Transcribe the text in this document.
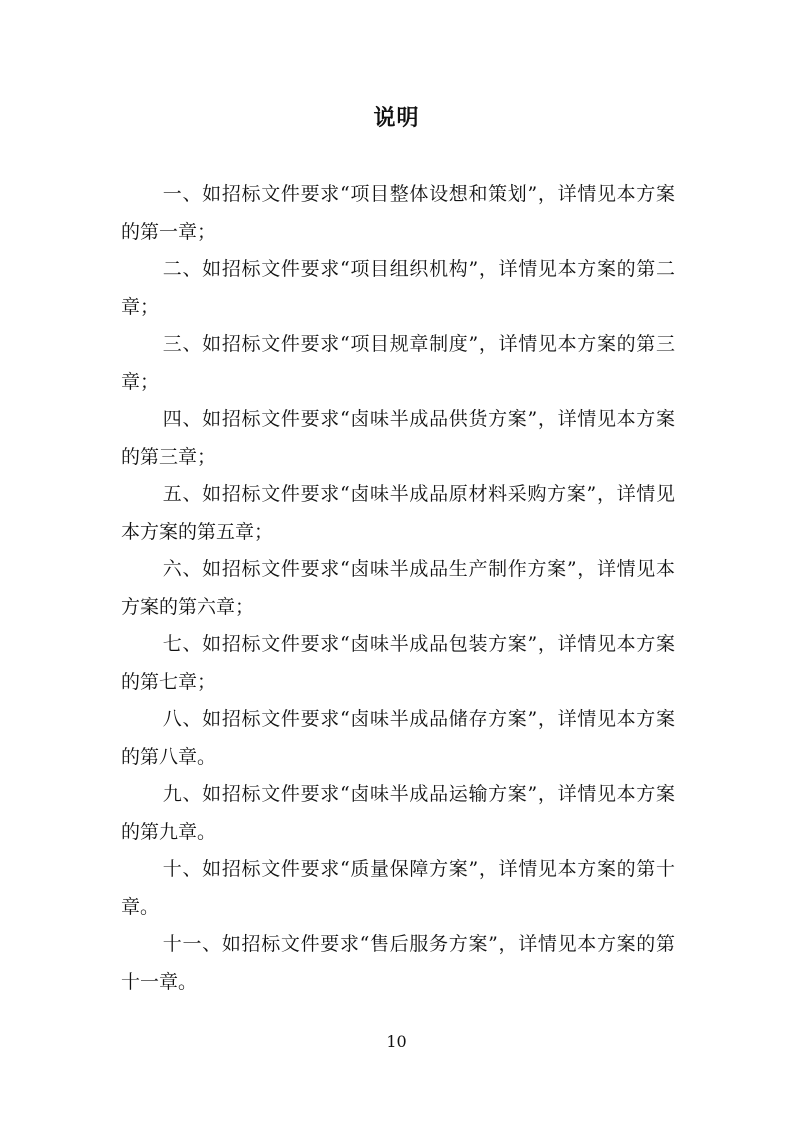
说明

一、如招标文件要求“项目整体设想和策划”，详情见本方案的第一章；

二、如招标文件要求“项目组织机构”，详情见本方案的第二章；

三、如招标文件要求“项目规章制度”，详情见本方案的第三章；

四、如招标文件要求“卤味半成品供货方案”，详情见本方案的第三章；

五、如招标文件要求“卤味半成品原材料采购方案”，详情见本方案的第五章；

六、如招标文件要求“卤味半成品生产制作方案”，详情见本方案的第六章；

七、如招标文件要求“卤味半成品包装方案”，详情见本方案的第七章；

八、如招标文件要求“卤味半成品储存方案”，详情见本方案的第八章。

九、如招标文件要求“卤味半成品运输方案”，详情见本方案的第九章。

十、如招标文件要求“质量保障方案”，详情见本方案的第十章。

十一、如招标文件要求“售后服务方案”，详情见本方案的第十一章。

10
